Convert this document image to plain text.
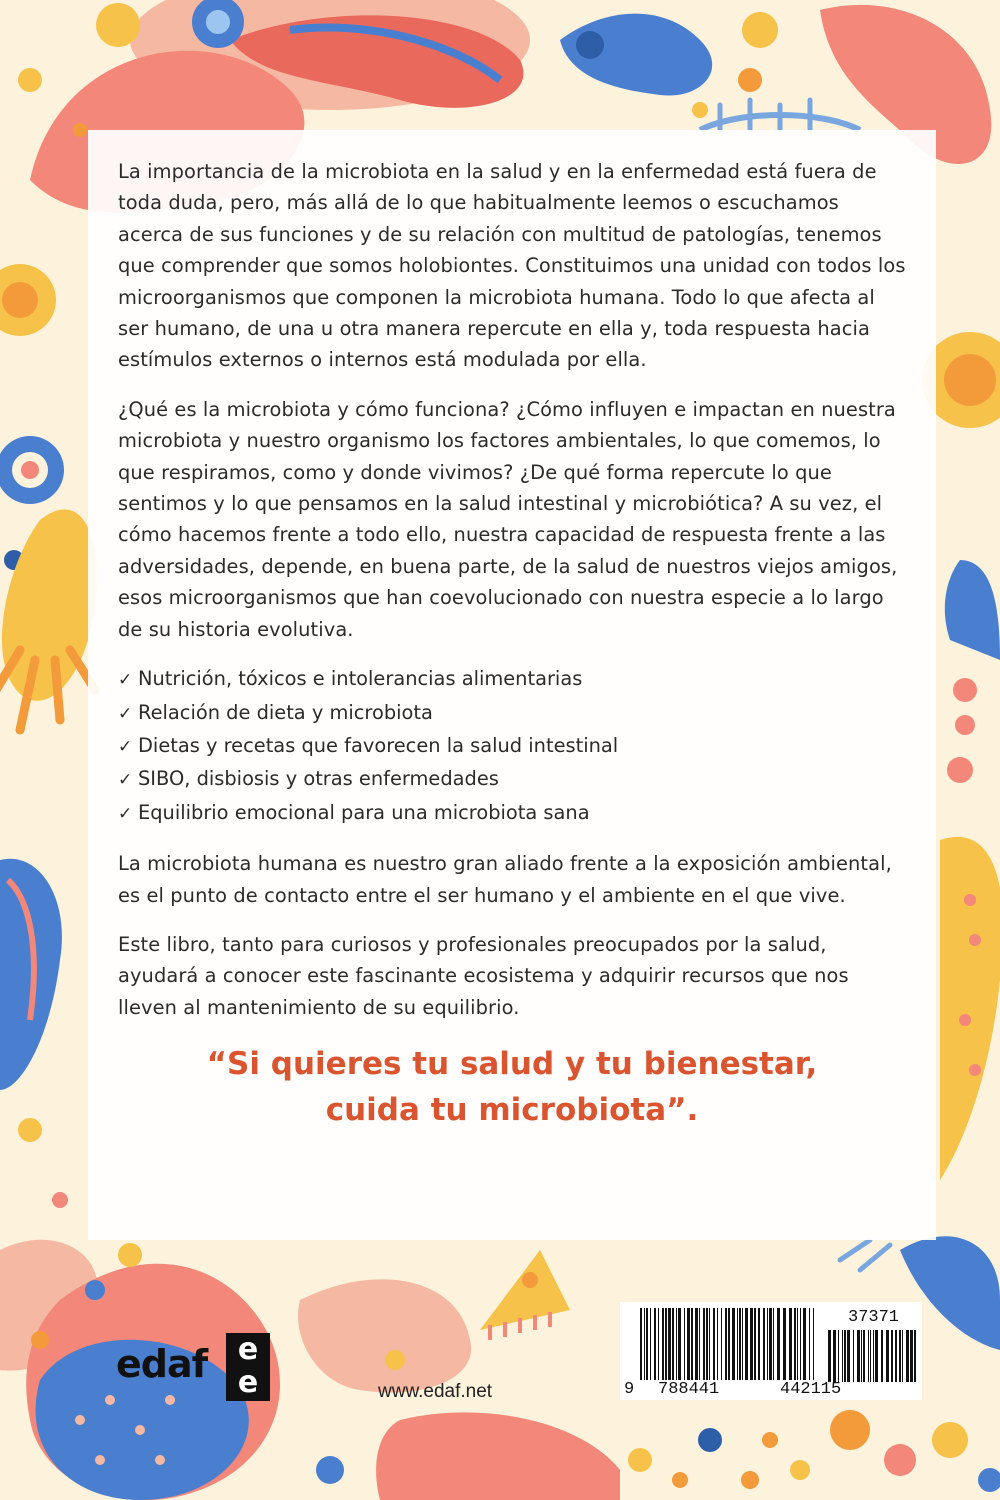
La importancia de la microbiota en la salud y en la enfermedad está fuera de toda duda, pero, más allá de lo que habitualmente leemos o escuchamos acerca de sus funciones y de su relación con multitud de patologías, tenemos que comprender que somos holobiontes. Constituimos una unidad con todos los microorganismos que componen la microbiota humana. Todo lo que afecta al ser humano, de una u otra manera repercute en ella y, toda respuesta hacia estímulos externos o internos está modulada por ella.

¿Qué es la microbiota y cómo funciona? ¿Cómo influyen e impactan en nuestra microbiota y nuestro organismo los factores ambientales, lo que comemos, lo que respiramos, como y donde vivimos? ¿De qué forma repercute lo que sentimos y lo que pensamos en la salud intestinal y microbiótica? A su vez, el cómo hacemos frente a todo ello, nuestra capacidad de respuesta frente a las adversidades, depende, en buena parte, de la salud de nuestros viejos amigos, esos microorganismos que han coevolucionado con nuestra especie a lo largo de su historia evolutiva.

✓ Nutrición, tóxicos e intolerancias alimentarias
✓ Relación de dieta y microbiota
✓ Dietas y recetas que favorecen la salud intestinal
✓ SIBO, disbiosis y otras enfermedades
✓ Equilibrio emocional para una microbiota sana

La microbiota humana es nuestro gran aliado frente a la exposición ambiental, es el punto de contacto entre el ser humano y el ambiente en el que vive.

Este libro, tanto para curiosos y profesionales preocupados por la salud, ayudará a conocer este fascinante ecosistema y adquirir recursos que nos lleven al mantenimiento de su equilibrio.

“Si quieres tu salud y tu bienestar,
cuida tu microbiota”.
edaf	e
e	www.edaf.net	9 788441	442115
37371
